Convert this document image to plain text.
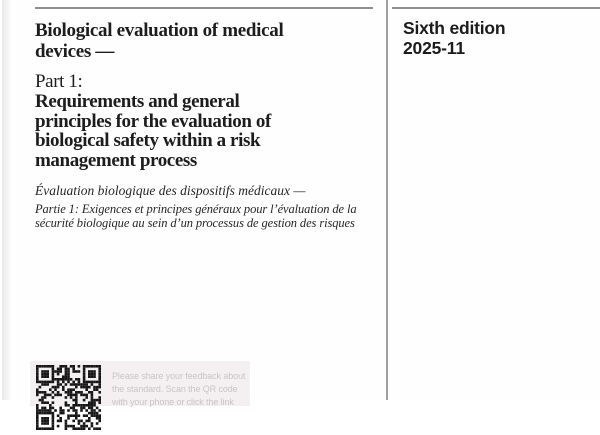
Biological evaluation of medical
devices —
Part 1:
Requirements and general
principles for the evaluation of
biological safety within a risk
management process
Évaluation biologique des dispositifs médicaux —
Partie 1: Exigences et principes généraux pour l’évaluation de la
sécurité biologique au sein d’un processus de gestion des risques
Sixth edition
2025-11
Please share your feedback about
the standard. Scan the QR code
with your phone or click the link
